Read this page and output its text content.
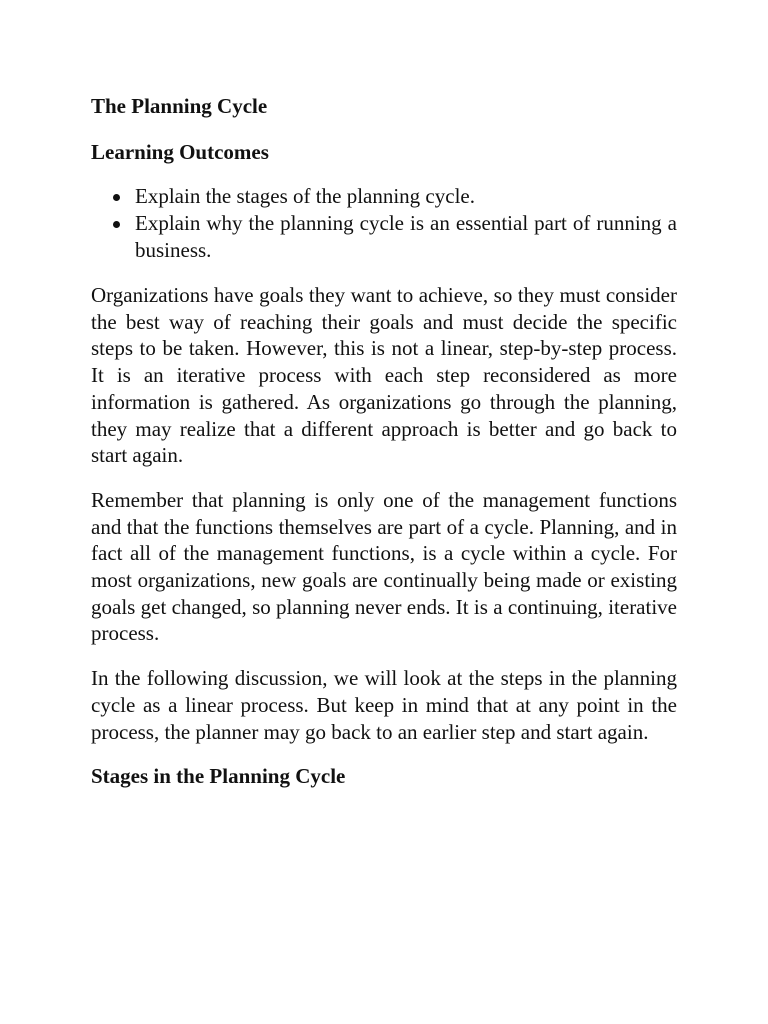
The Planning Cycle
Learning Outcomes
Explain the stages of the planning cycle.
Explain why the planning cycle is an essential part of running a business.

Organizations have goals they want to achieve, so they must consider the best way of reaching their goals and must decide the specific steps to be taken. However, this is not a linear, step-by-step process. It is an iterative process with each step reconsidered as more information is gathered. As organizations go through the planning, they may realize that a different approach is better and go back to start again.

Remember that planning is only one of the management functions and that the functions themselves are part of a cycle. Planning, and in fact all of the management functions, is a cycle within a cycle. For most organizations, new goals are continually being made or existing goals get changed, so planning never ends. It is a continuing, iterative process.

In the following discussion, we will look at the steps in the planning cycle as a linear process. But keep in mind that at any point in the process, the planner may go back to an earlier step and start again.

Stages in the Planning Cycle
